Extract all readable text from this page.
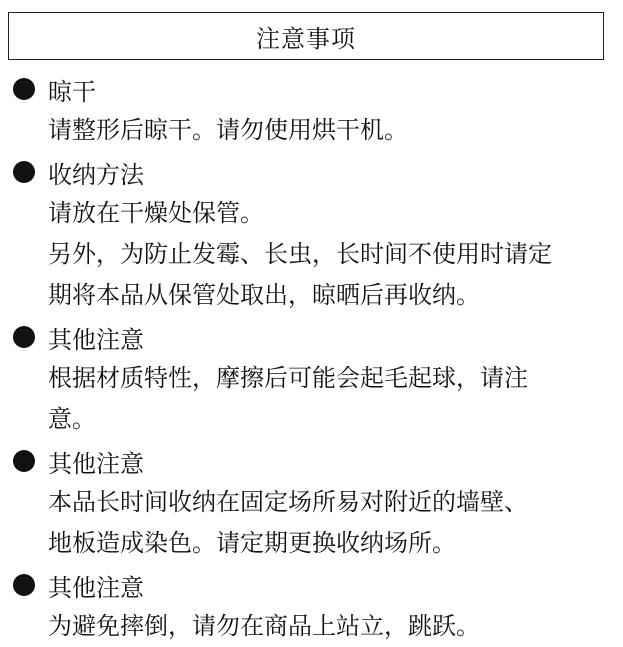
注意事项
晾干
请整形后晾干。请勿使用烘干机。
收纳方法
请放在干燥处保管。
另外，为防止发霉、长虫，长时间不使用时请定
期将本品从保管处取出，晾晒后再收纳。
其他注意
根据材质特性，摩擦后可能会起毛起球，请注
意。
其他注意
本品长时间收纳在固定场所易对附近的墙壁、
地板造成染色。请定期更换收纳场所。
其他注意
为避免摔倒，请勿在商品上站立，跳跃。
